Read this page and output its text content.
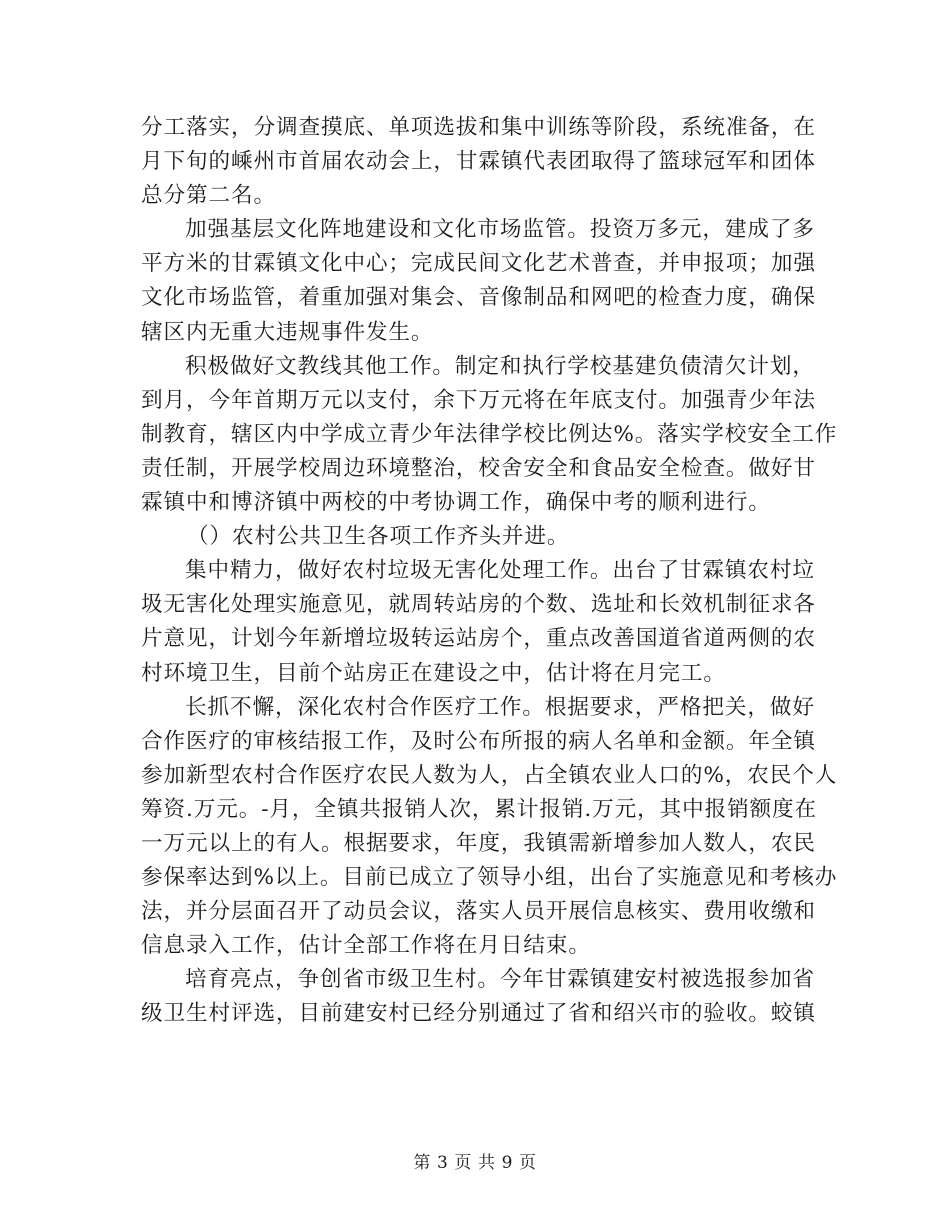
分工落实，分调查摸底、单项选拔和集中训练等阶段，系统准备，在
月下旬的嵊州市首届农动会上，甘霖镇代表团取得了篮球冠军和团体
总分第二名。
加强基层文化阵地建设和文化市场监管。投资万多元，建成了多
平方米的甘霖镇文化中心；完成民间文化艺术普查，并申报项；加强
文化市场监管，着重加强对集会、音像制品和网吧的检查力度，确保
辖区内无重大违规事件发生。
积极做好文教线其他工作。制定和执行学校基建负债清欠计划，
到月，今年首期万元以支付，余下万元将在年底支付。加强青少年法
制教育，辖区内中学成立青少年法律学校比例达%。落实学校安全工作
责任制，开展学校周边环境整治，校舍安全和食品安全检查。做好甘
霖镇中和博济镇中两校的中考协调工作，确保中考的顺利进行。
（）农村公共卫生各项工作齐头并进。
集中精力，做好农村垃圾无害化处理工作。出台了甘霖镇农村垃
圾无害化处理实施意见，就周转站房的个数、选址和长效机制征求各
片意见，计划今年新增垃圾转运站房个，重点改善国道省道两侧的农
村环境卫生，目前个站房正在建设之中，估计将在月完工。
长抓不懈，深化农村合作医疗工作。根据要求，严格把关，做好
合作医疗的审核结报工作，及时公布所报的病人名单和金额。年全镇
参加新型农村合作医疗农民人数为人，占全镇农业人口的%，农民个人
筹资.万元。-月，全镇共报销人次，累计报销.万元，其中报销额度在
一万元以上的有人。根据要求，年度，我镇需新增参加人数人，农民
参保率达到%以上。目前已成立了领导小组，出台了实施意见和考核办
法，并分层面召开了动员会议，落实人员开展信息核实、费用收缴和
信息录入工作，估计全部工作将在月日结束。
培育亮点，争创省市级卫生村。今年甘霖镇建安村被选报参加省
级卫生村评选，目前建安村已经分别通过了省和绍兴市的验收。蛟镇
第 3 页 共 9 页
